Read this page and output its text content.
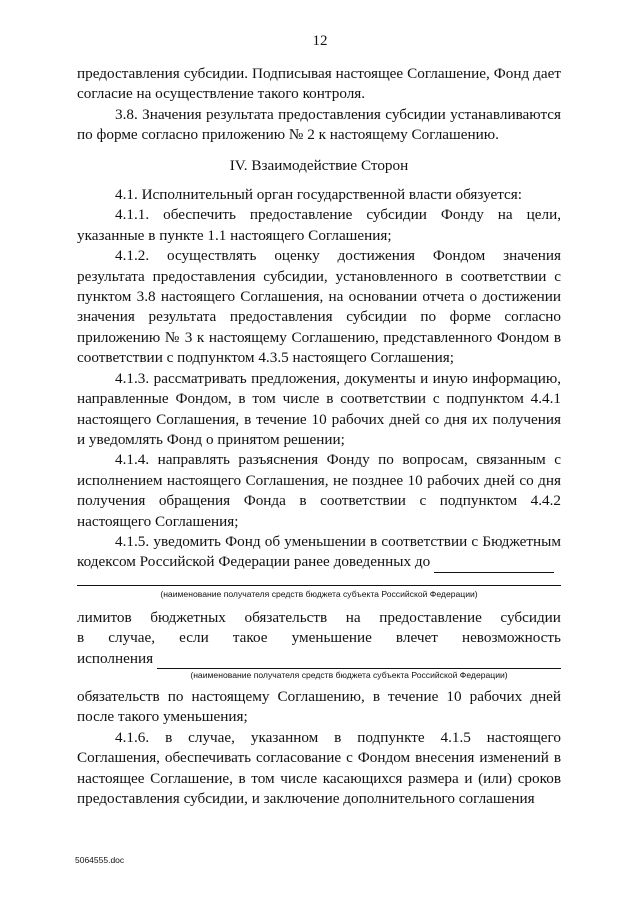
12

предоставления субсидии. Подписывая настоящее Соглашение, Фонд дает согласие на осуществление такого контроля.

3.8. Значения результата предоставления субсидии устанавливаются по форме согласно приложению № 2 к настоящему Соглашению.

IV. Взаимодействие Сторон

4.1. Исполнительный орган государственной власти обязуется:

4.1.1. обеспечить предоставление субсидии Фонду на цели, указанные в пункте 1.1 настоящего Соглашения;

4.1.2. осуществлять оценку достижения Фондом значения результата предоставления субсидии, установленного в соответствии с пунктом 3.8 настоящего Соглашения, на основании отчета о достижении значения результата предоставления субсидии по форме согласно приложению № 3 к настоящему Соглашению, представленного Фондом в соответствии с подпунктом 4.3.5 настоящего Соглашения;

4.1.3. рассматривать предложения, документы и иную информацию, направленные Фондом, в том числе в соответствии с подпунктом 4.4.1 настоящего Соглашения, в течение 10 рабочих дней со дня их получения и уведомлять Фонд о принятом решении;

4.1.4. направлять разъяснения Фонду по вопросам, связанным с исполнением настоящего Соглашения, не позднее 10 рабочих дней со дня получения обращения Фонда в соответствии с подпунктом 4.4.2 настоящего Соглашения;

4.1.5. уведомить Фонд об уменьшении в соответствии с Бюджетным кодексом Российской Федерации ранее доведенных до

(наименование получателя средств бюджета субъекта Российской Федерации)
лимитов бюджетных обязательств на предоставление субсидии
в случае, если такое уменьшение влечет невозможность
исполнения
(наименование получателя средств бюджета субъекта Российской Федерации)

обязательств по настоящему Соглашению, в течение 10 рабочих дней после такого уменьшения;

4.1.6. в случае, указанном в подпункте 4.1.5 настоящего Соглашения, обеспечивать согласование с Фондом внесения изменений в настоящее Соглашение, в том числе касающихся размера и (или) сроков предоставления субсидии, и заключение дополнительного соглашения

5064555.doc
